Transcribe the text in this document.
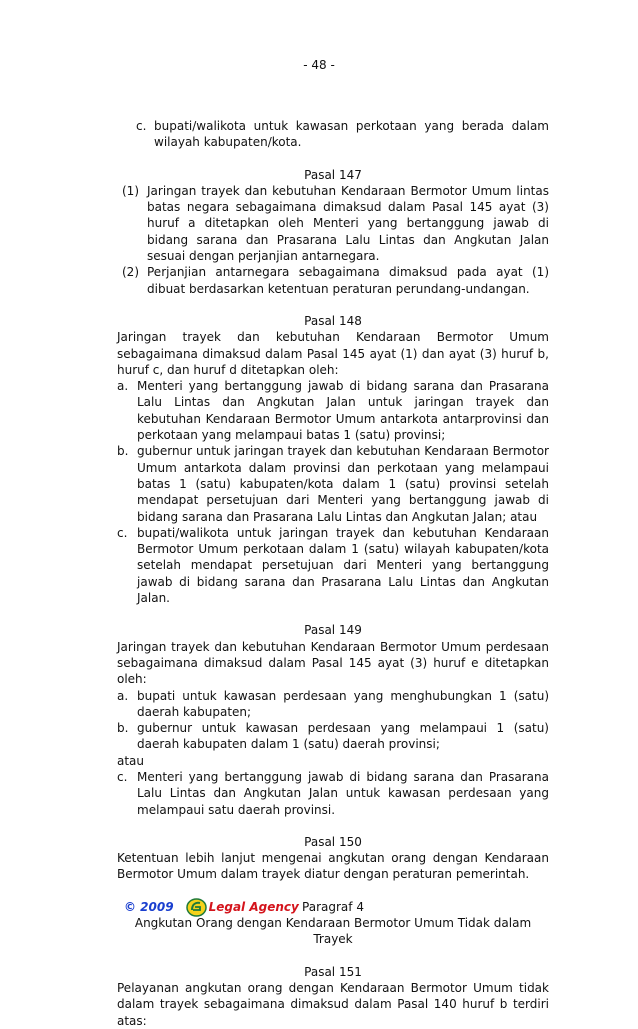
- 48 -
c. bupati/walikota untuk kawasan perkotaan yang berada dalam wilayah kabupaten/kota.
Pasal 147
(1) Jaringan trayek dan kebutuhan Kendaraan Bermotor Umum lintas batas negara sebagaimana dimaksud dalam Pasal 145 ayat (3) huruf a ditetapkan oleh Menteri yang bertanggung jawab di bidang sarana dan Prasarana Lalu Lintas dan Angkutan Jalan sesuai dengan perjanjian antarnegara.
(2) Perjanjian antarnegara sebagaimana dimaksud pada ayat (1) dibuat berdasarkan ketentuan peraturan perundang-undangan.
Pasal 148
Jaringan trayek dan kebutuhan Kendaraan Bermotor Umum sebagaimana dimaksud dalam Pasal 145 ayat (1) dan ayat (3) huruf b, huruf c, dan huruf d ditetapkan oleh:
a. Menteri yang bertanggung jawab di bidang sarana dan Prasarana Lalu Lintas dan Angkutan Jalan untuk jaringan trayek dan kebutuhan Kendaraan Bermotor Umum antarkota antarprovinsi dan perkotaan yang melampaui batas 1 (satu) provinsi;
b. gubernur untuk jaringan trayek dan kebutuhan Kendaraan Bermotor Umum antarkota dalam provinsi dan perkotaan yang melampaui batas 1 (satu) kabupaten/kota dalam 1 (satu) provinsi setelah mendapat persetujuan dari Menteri yang bertanggung jawab di bidang sarana dan Prasarana Lalu Lintas dan Angkutan Jalan; atau
c. bupati/walikota untuk jaringan trayek dan kebutuhan Kendaraan Bermotor Umum perkotaan dalam 1 (satu) wilayah kabupaten/kota setelah mendapat persetujuan dari Menteri yang bertanggung jawab di bidang sarana dan Prasarana Lalu Lintas dan Angkutan Jalan.
Pasal 149
Jaringan trayek dan kebutuhan Kendaraan Bermotor Umum perdesaan sebagaimana dimaksud dalam Pasal 145 ayat (3) huruf e ditetapkan oleh:
a. bupati untuk kawasan perdesaan yang menghubungkan 1 (satu) daerah kabupaten;
b. gubernur untuk kawasan perdesaan yang melampaui 1 (satu) daerah kabupaten dalam 1 (satu) daerah provinsi;
atau
c. Menteri yang bertanggung jawab di bidang sarana dan Prasarana Lalu Lintas dan Angkutan Jalan untuk kawasan perdesaan yang melampaui satu daerah provinsi.
Pasal 150
Ketentuan lebih lanjut mengenai angkutan orang dengan Kendaraan Bermotor Umum dalam trayek diatur dengan peraturan pemerintah.
Paragraf 4
Angkutan Orang dengan Kendaraan Bermotor Umum Tidak dalam Trayek
Pasal 151
Pelayanan angkutan orang dengan Kendaraan Bermotor Umum tidak dalam trayek sebagaimana dimaksud dalam Pasal 140 huruf b terdiri atas:
© 2009	Legal Agency
